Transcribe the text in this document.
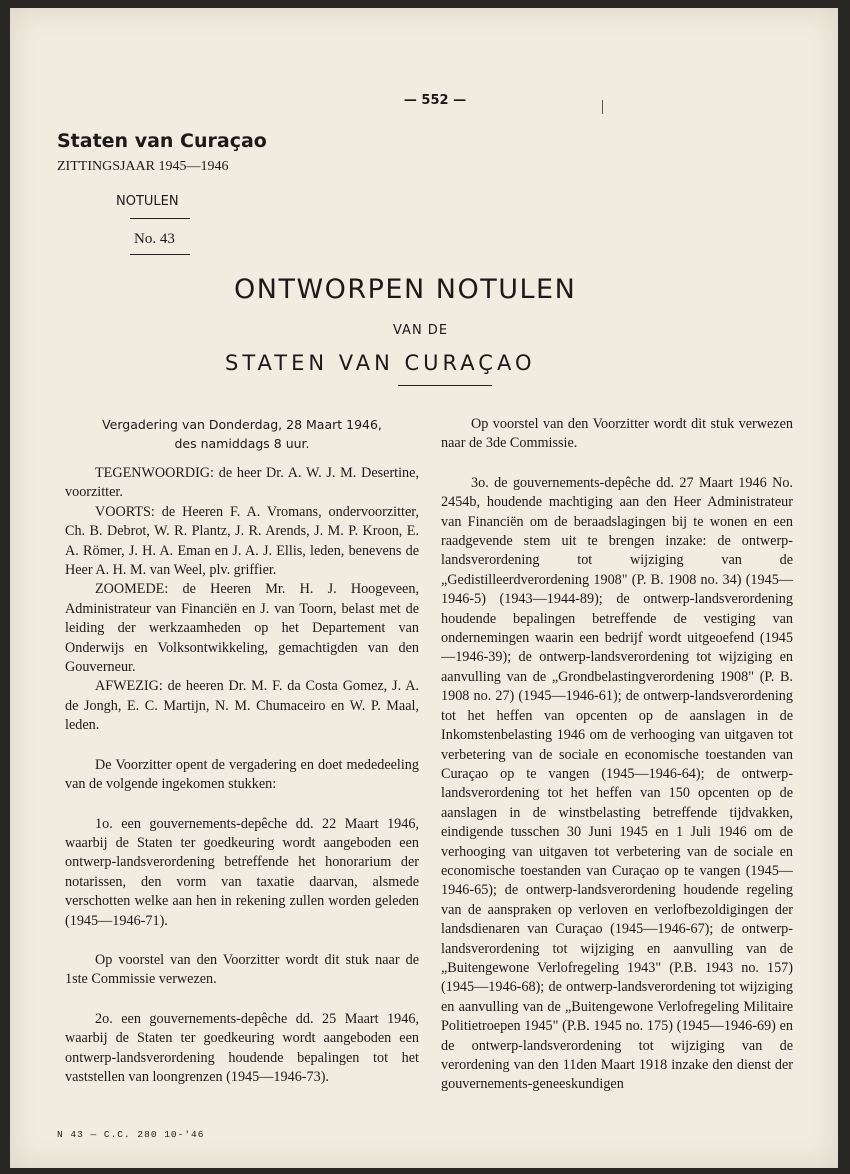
— 552 —
Staten van Curaçao
ZITTINGSJAAR 1945—1946
NOTULEN
No. 43
ONTWORPEN NOTULEN
VAN DE
STATEN VAN CURAÇAO
Vergadering van Donderdag, 28 Maart 1946,
des namiddags 8 uur.

TEGENWOORDIG: de heer Dr. A. W. J. M. Desertine, voorzitter.

VOORTS: de Heeren F. A. Vromans, ondervoorzitter, Ch. B. Debrot, W. R. Plantz, J. R. Arends, J. M. P. Kroon, E. A. Römer, J. H. A. Eman en J. A. J. Ellis, leden, benevens de Heer A. H. M. van Weel, plv. griffier.

ZOOMEDE: de Heeren Mr. H. J. Hoogeveen, Administrateur van Financiën en J. van Toorn, belast met de leiding der werkzaamheden op het Departement van Onderwijs en Volksontwikkeling, gemachtigden van den Gouverneur.

AFWEZIG: de heeren Dr. M. F. da Costa Gomez, J. A. de Jongh, E. C. Martijn, N. M. Chumaceiro en W. P. Maal, leden.

De Voorzitter opent de vergadering en doet mededeeling van de volgende ingekomen stukken:

1o. een gouvernements-depêche dd. 22 Maart 1946, waarbij de Staten ter goedkeuring wordt aangeboden een ontwerp-landsverordening betreffende het honorarium der notarissen, den vorm van taxatie daarvan, alsmede verschotten welke aan hen in rekening zullen worden geleden (1945—1946-71).

Op voorstel van den Voorzitter wordt dit stuk naar de 1ste Commissie verwezen.

2o. een gouvernements-depêche dd. 25 Maart 1946, waarbij de Staten ter goedkeuring wordt aangeboden een ontwerp-landsverordening houdende bepalingen tot het vaststellen van loongrenzen (1945—1946-73).

Op voorstel van den Voorzitter wordt dit stuk verwezen naar de 3de Commissie.

3o. de gouvernements-depêche dd. 27 Maart 1946 No. 2454b, houdende machtiging aan den Heer Administrateur van Financiën om de beraadslagingen bij te wonen en een raadgevende stem uit te brengen inzake: de ontwerp-landsverordening tot wijziging van de „Gedistilleerdverordening 1908" (P. B. 1908 no. 34) (1945—1946-5) (1943—1944-89); de ontwerp-landsverordening houdende bepalingen betreffende de vestiging van ondernemingen waarin een bedrijf wordt uitgeoefend (1945—1946-39); de ontwerp-landsverordening tot wijziging en aanvulling van de „Grondbelastingverordening 1908" (P. B. 1908 no. 27) (1945—1946-61); de ontwerp-landsverordening tot het heffen van opcenten op de aanslagen in de Inkomstenbelasting 1946 om de verhooging van uitgaven tot verbetering van de sociale en economische toestanden van Curaçao op te vangen (1945—1946-64); de ontwerp-landsverordening tot het heffen van 150 opcenten op de aanslagen in de winstbelasting betreffende tijdvakken, eindigende tusschen 30 Juni 1945 en 1 Juli 1946 om de verhooging van uitgaven tot verbetering van de sociale en economische toestanden van Curaçao op te vangen (1945—1946-65); de ontwerp-landsverordening houdende regeling van de aanspraken op verloven en verlofbezoldigingen der landsdienaren van Curaçao (1945—1946-67); de ontwerp-landsverordening tot wijziging en aanvulling van de „Buitengewone Verlofregeling 1943" (P.B. 1943 no. 157) (1945—1946-68); de ontwerp-landsverordening tot wijziging en aanvulling van de „Buitengewone Verlofregeling Militaire Politietroepen 1945" (P.B. 1945 no. 175) (1945—1946-69) en de ontwerp-landsverordening tot wijziging van de verordening van den 11den Maart 1918 inzake den dienst der gouvernements-geneeskundigen

N 43 — C.C. 280 10-'46
